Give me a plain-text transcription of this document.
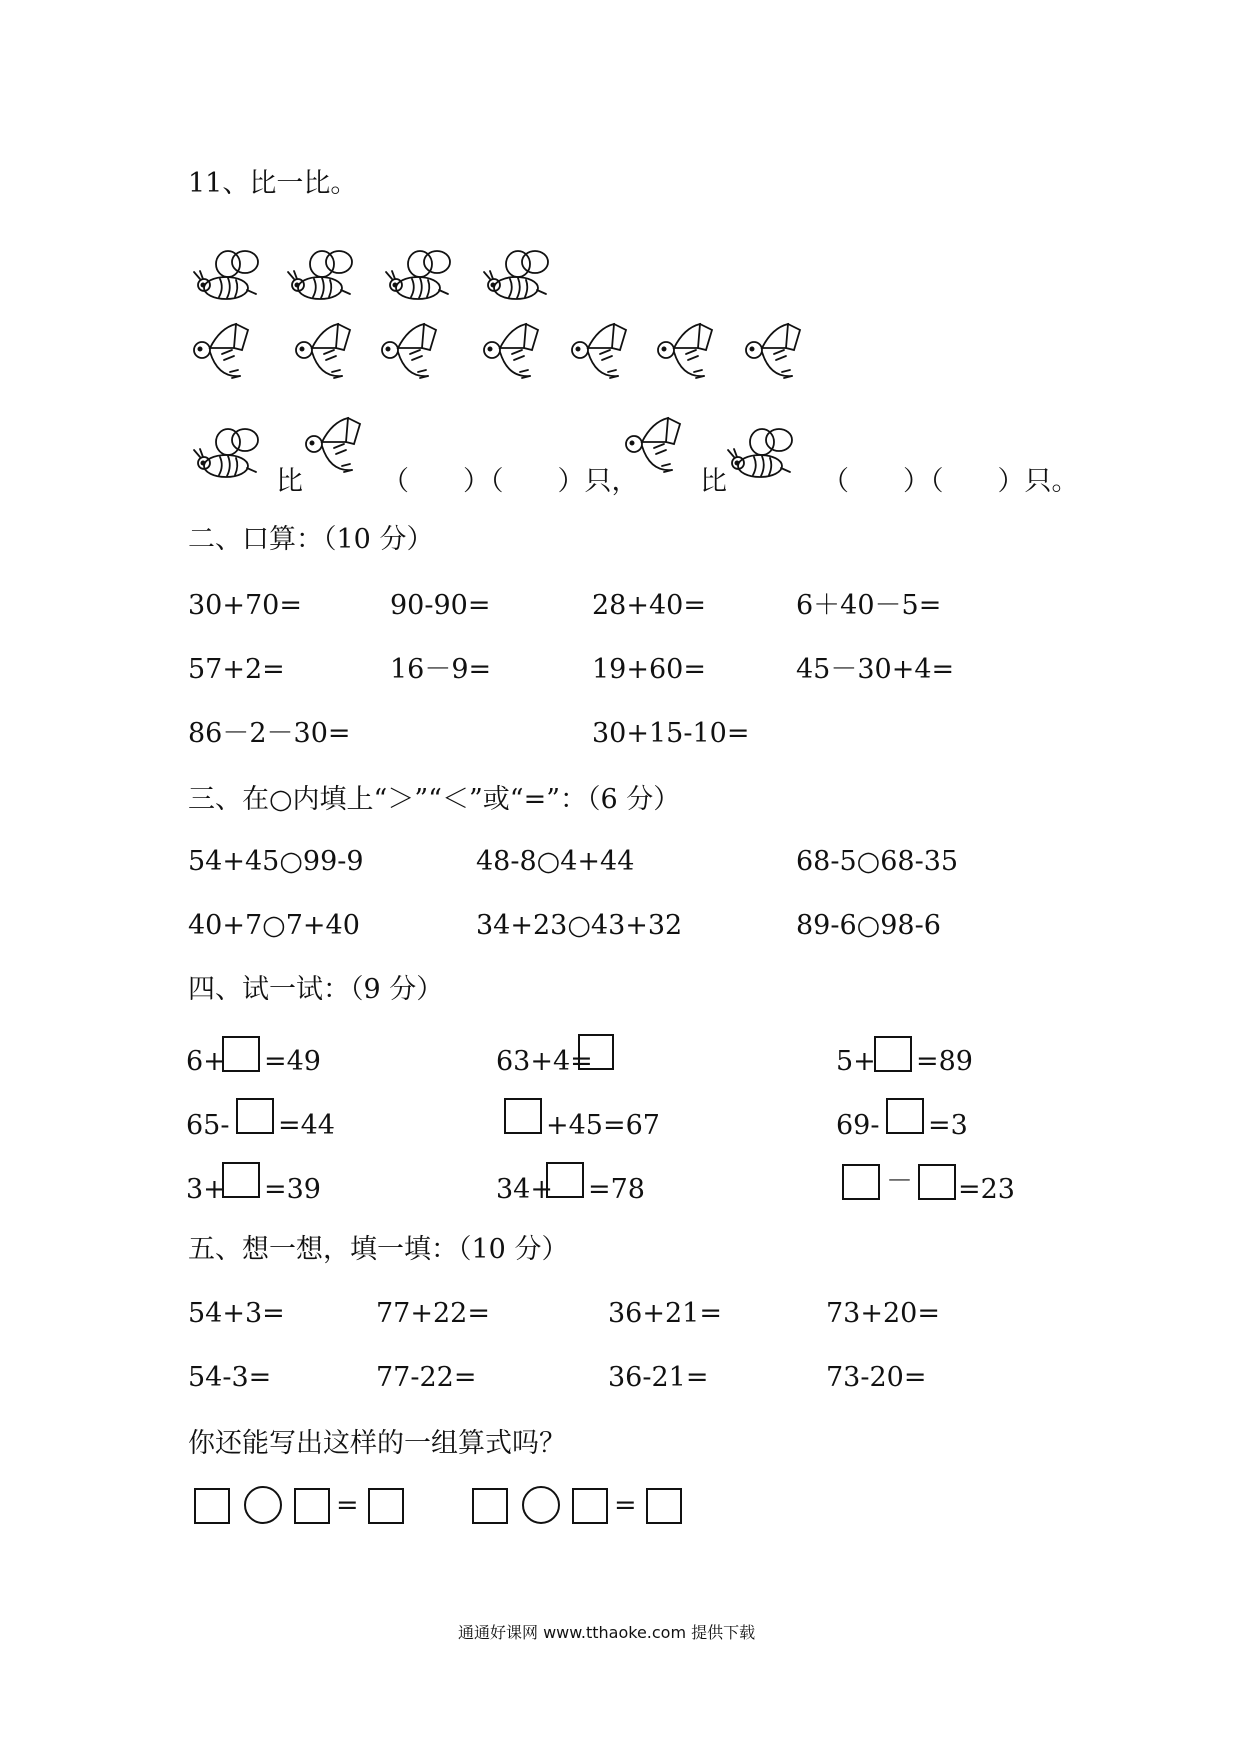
11、比一比。
比	（　　）（　　）只， 比	（　　）（　　）只。
二、口算：（10 分）
30+70=	90-90=	28+40=	6＋40－5=
57+2=	16－9=	19+60=	45－30+4=
86－2－30=	30+15-10=
三、在○内填上“＞”“＜”或“=”：（6 分）
54+45○99-9	48-8○4+44	68-5○68-35
40+7○7+40	34+23○43+32	89-6○98-6
四、试一试：（9 分）
6+ =49	63+4=	5+ =89
65- =44	+45=67	69- =3
3+ =39	34+ =78	－ =23
五、想一想，填一填：（10 分）
54+3=	77+22=	36+21=	73+20=
54-3=	77-22=	36-21=	73-20=
你还能写出这样的一组算式吗？
=	=
通通好课网 www.tthaoke.com 提供下载
